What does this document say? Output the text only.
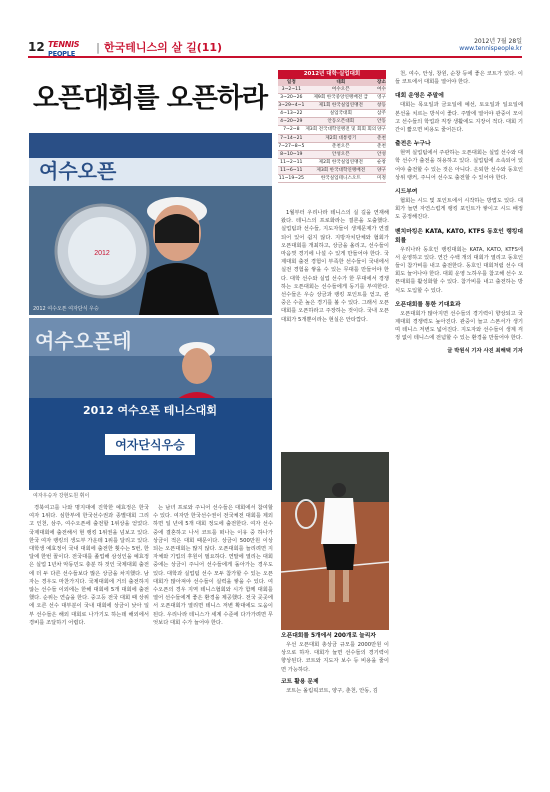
12 TENNIS
PEOPLE	| 한국테니스의 살 길(11)	2012년 7월 28일
www.tennispeople.kr
오픈대회를 오픈하라
여수오픈
2012
2012 여수오픈 여자단식 우승
여수오픈테
2012 여수오픈 테니스대회
여자단식우승
여자우승자 강현도원 휘이
2012년 대학·실업대회
일정	대회	장소
3~2~11	여수오픈	여수
3~20~26	제9회 한국중앙연맹배전 급	영구
3~29~4~1	제1회 한국실업연맹전	창등
4~13~22	실업국대회	삼주
4~20~29	안동오픈대회	안동
7~2~8	제3회 전국대학연맹전 및 회회 회의	양구
7~14~21	제2회 대통령기	춘천
7~27~8~5	춘천오픈	춘천
8~10~19	안성오픈	안성
11~2~11	제2회 한국실업연맹전	순창
11~6~11	제3회 한국대학연맹배전	양구
11~19~25	한국실업테니스오트	미정

경북여고를 나와 명지대에 진학한 예효정은 한국 여자 1위다. 심한부에 한국선수권과 종별대회 그리고 인천, 삼주, 여수오픈에 출전할 1위상을 얻었다. 국제대회에 출전해서 현 랭킹 1위권을 넘보고 있다. 한국 여자 랭킹의 생도부 가운데 1위를 달리고 있다. 대학생 예효정이 국내 대회에 출전한 횟수는 5번, 한달에 한번 꼴이다. 전국대를 졸업해 삼성인을 예효정은 실업 1년차 악동민도 충분 하 것인 국제대회 출전에 더 두 다른 선수들보다 많은 상금을 차지했다. 남자는 경우도 마찬가지다. 국제대회에 거의 출전하지 않는 선수들 이외에는 한해 대회에 5개 대회에 출전했다. 순위는 연습을 한다. 중고등 전국 대회 때 상위에 오른 선수 대부분이 국내 대회에 상금이 낮아 일부 선수들은 해외 대회로 나가기도 하는데 해외에서 경비를 조달하기 어렵다.

는 남녀 프로와 주니어 선수들은 대회에서 참여할 수 있다. 여자만 한국선수권이 전국체전 대회를 제외하면 일 년에 5개 대회 정도에 출전한다. 여자 선수 중에 결혼하고 나서 코트를 떠나는 이유 중 하나가 상금이 적은 대회 때문이다. 상금이 500만원 이상 되는 오픈대회는 많지 않다. 오픈대회를 늘리려면 지자체와 기업의 후원이 필요하다. 연말에 열리는 대회 중에는 상금이 주니어 선수들에게 돌아가는 경우도 있다. 대학과 실업팀 선수 모두 참가할 수 있는 오픈대회가 많아져야 선수들이 실력을 쌓을 수 있다. 여수오픈의 경우 지역 테니스협회와 시가 함께 대회를 열어 선수들에게 좋은 환경을 제공했다. 전국 곳곳에서 오픈대회가 열리면 테니스 저변 확대에도 도움이 된다. 우리나라 테니스가 세계 수준에 다가가려면 무엇보다 대회 수가 늘어야 한다.

1월부터 우리나라 테니스의 실 길을 연재해왔다. 테니스의 프로화라는 결론을 도출했다. 실업팀과 선수들, 지도자들이 생계문제가 연결되어 있어 쉽지 않다. 지방자치단체와 협회가 오픈대회를 개최하고, 상금을 올리고, 선수들이 마음껏 경기에 나설 수 있게 만들어야 한다. 국제대회 출전 경험이 부족한 선수들이 국내에서 실전 경험을 쌓을 수 있는 무대를 만들어야 한다. 대학 선수와 실업 선수가 한 무대에서 경쟁하는 오픈대회는 선수들에게 동기를 부여한다. 선수들은 우승 상금과 랭킹 포인트를 얻고, 관중은 수준 높은 경기를 볼 수 있다. 그래서 오픈대회를 오픈하라고 주장하는 것이다. 국내 오픈대회가 5개뿐이라는 현실은 안타깝다.

오픈대회를 5개에서 200개로 늘리자

우선 오픈대회 총상금 규모를 2000만원 이상으로 하자. 대회가 늘면 선수들의 경기력이 향상된다. 코트와 지도자 보수 등 비용을 줄이면 가능하다.

코트 활용 문제

코트는 올림픽코트, 양구, 춘천, 안동, 김

천, 여수, 안성, 창원, 순창 등에 좋은 코트가 있다. 이들 코트에서 대회를 열어야 한다.

대회 운영은 주말에

대회는 목요일과 금요일에 예선, 토요일과 일요일에 본선을 치르는 방식이 좋다. 주말에 열어야 관중이 모이고 선수들의 학업과 직장 생활에도 지장이 적다. 대회 기간이 짧으면 비용도 줄어든다.

출전은 누구나

현역 실업팀에서 주관하는 오픈대회는 실업 선수와 대학 선수가 출전을 허용하고 있다. 실업팀에 소속되어 있어야 출전할 수 있는 것은 아니다. 은퇴한 선수와 동호인 상위 랭커, 주니어 선수도 출전할 수 있어야 한다.

시드부여

협회는 시드 및 포인트에서 시작하는 방법도 있다. 대회가 늘면 자연스럽게 랭킹 포인트가 쌓이고 시드 배정도 공정해진다.

벤치마킹은 KATA, KATO, KTFS 동호인 랭킹대회를

우리나라 동호인 랭킹대회는 KATA, KATO, KTFS에서 운영하고 있다. 연간 수백 개의 대회가 열리고 동호인들이 참가비를 내고 출전한다. 동호인 대회처럼 선수 대회도 늘어나야 한다. 대회 운영 노하우를 참고해 선수 오픈대회를 활성화할 수 있다. 참가비를 내고 출전하는 방식도 도입할 수 있다.

오픈대회를 통한 기대효과

오픈대회가 많아지면 선수들의 경기력이 향상되고 국제대회 경쟁력도 높아진다. 관중이 늘고 스폰서가 생기며 테니스 저변도 넓어진다. 지도자와 선수들이 생계 걱정 없이 테니스에 전념할 수 있는 환경을 만들어야 한다.

글 박원식 기자 사진 최해택 기자
